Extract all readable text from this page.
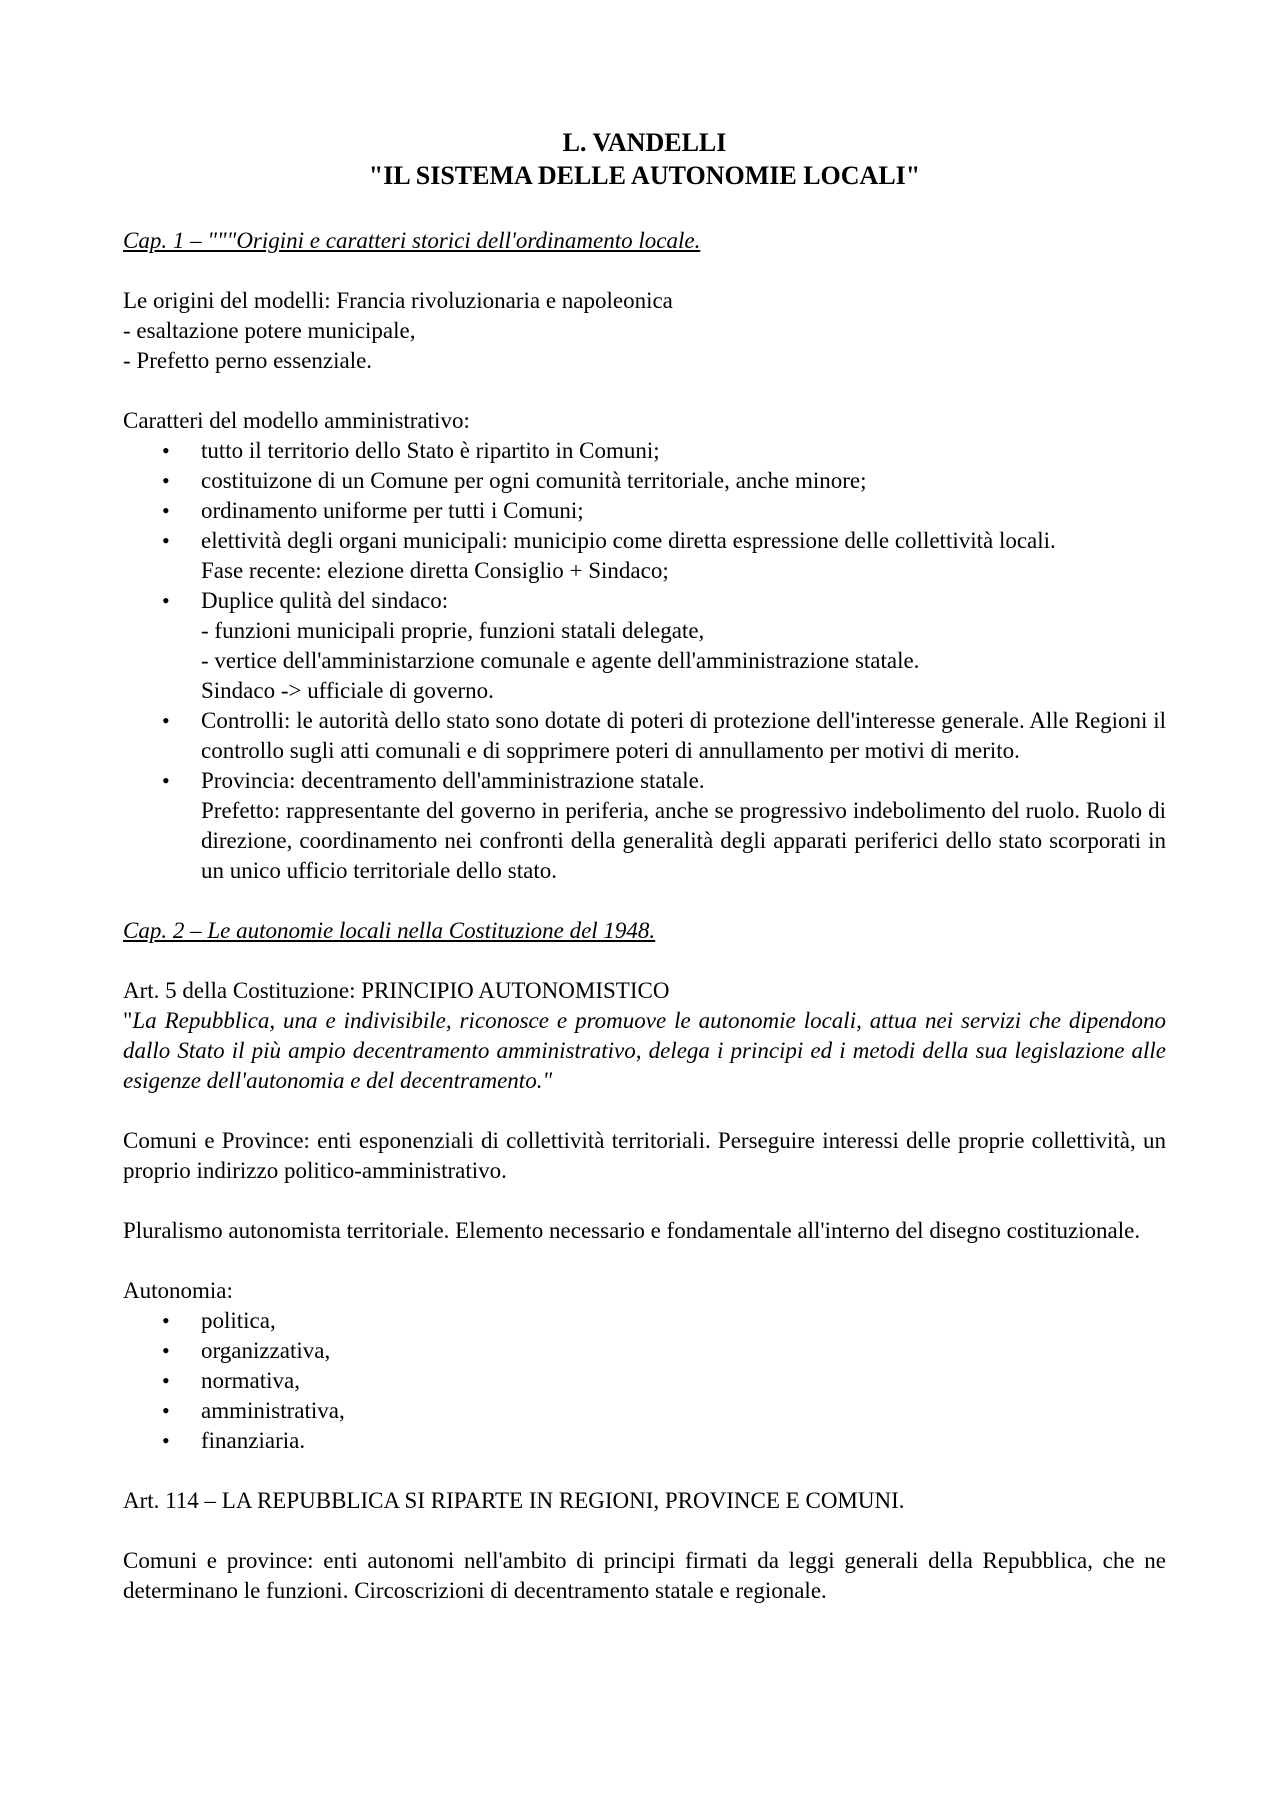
L. VANDELLI
"IL SISTEMA DELLE AUTONOMIE LOCALI"

Cap. 1 – """Origini e caratteri storici dell'ordinamento locale.

Le origini del modelli: Francia rivoluzionaria e napoleonica

- esaltazione potere municipale,

- Prefetto perno essenziale.

Caratteri del modello amministrativo:

• tutto il territorio dello Stato è ripartito in Comuni;
• costituizone di un Comune per ogni comunità territoriale, anche minore;
• ordinamento uniforme per tutti i Comuni;
• elettività degli organi municipali: municipio come diretta espressione delle collettività locali.
Fase recente: elezione diretta Consiglio + Sindaco;
• Duplice qulità del sindaco:
- funzioni municipali proprie, funzioni statali delegate,
- vertice dell'amministarzione comunale e agente dell'amministrazione statale.
Sindaco -> ufficiale di governo.
• Controlli: le autorità dello stato sono dotate di poteri di protezione dell'interesse generale. Alle Regioni il controllo sugli atti comunali e di sopprimere poteri di annullamento per motivi di merito.
• Provincia: decentramento dell'amministrazione statale.
Prefetto: rappresentante del governo in periferia, anche se progressivo indebolimento del ruolo. Ruolo di direzione, coordinamento nei confronti della generalità degli apparati periferici dello stato scorporati in un unico ufficio territoriale dello stato.

Cap. 2 – Le autonomie locali nella Costituzione del 1948.

Art. 5 della Costituzione: PRINCIPIO AUTONOMISTICO

"La Repubblica, una e indivisibile, riconosce e promuove le autonomie locali, attua nei servizi che dipendono dallo Stato il più ampio decentramento amministrativo, delega i principi ed i metodi della sua legislazione alle esigenze dell'autonomia e del decentramento."

Comuni e Province: enti esponenziali di collettività territoriali. Perseguire interessi delle proprie collettività, un proprio indirizzo politico-amministrativo.

Pluralismo autonomista territoriale. Elemento necessario e fondamentale all'interno del disegno costituzionale.

Autonomia:

• politica,
• organizzativa,
• normativa,
• amministrativa,
• finanziaria.

Art. 114 – LA REPUBBLICA SI RIPARTE IN REGIONI, PROVINCE E COMUNI.

Comuni e province: enti autonomi nell'ambito di principi firmati da leggi generali della Repubblica, che ne determinano le funzioni. Circoscrizioni di decentramento statale e regionale.
